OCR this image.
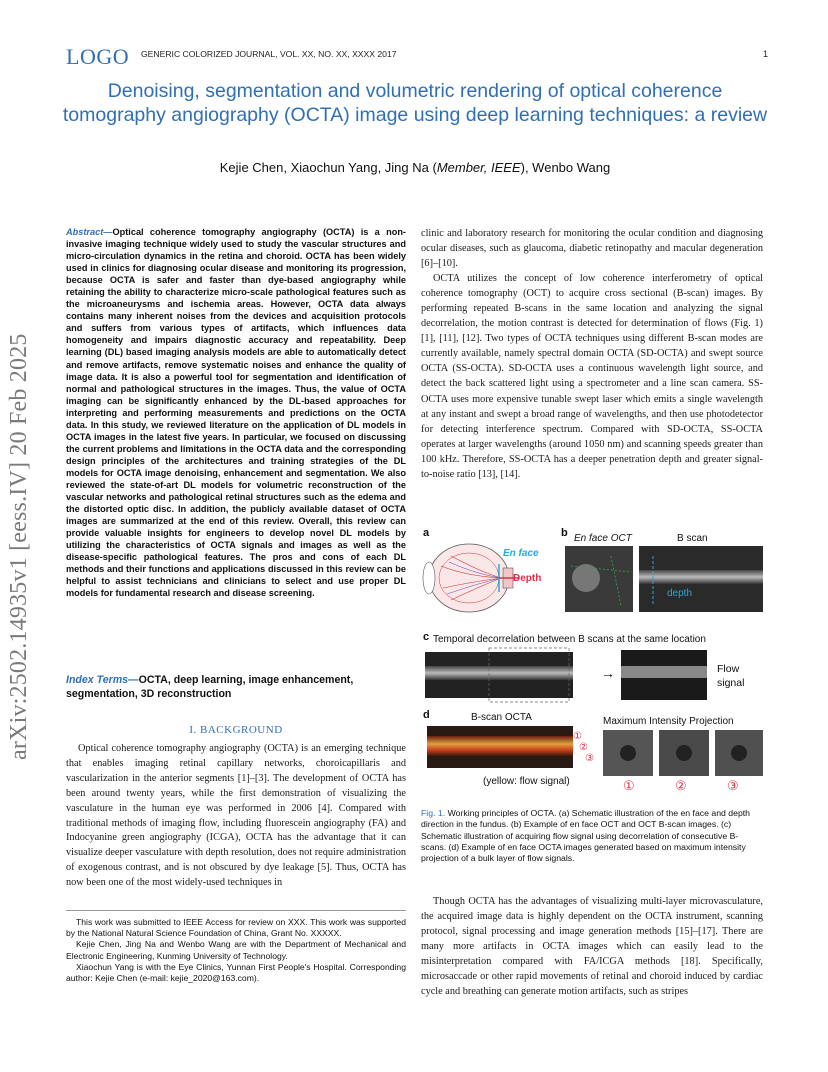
LOGO GENERIC COLORIZED JOURNAL, VOL. XX, NO. XX, XXXX 2017	1
Denoising, segmentation and volumetric rendering of optical coherence tomography angiography (OCTA) image using deep learning techniques: a review
Kejie Chen, Xiaochun Yang, Jing Na (Member, IEEE), Wenbo Wang
arXiv:2502.14935v1 [eess.IV] 20 Feb 2025
Abstract—Optical coherence tomography angiography (OCTA) is a non-invasive imaging technique widely used to study the vascular structures and micro-circulation dynamics in the retina and choroid. OCTA has been widely used in clinics for diagnosing ocular disease and monitoring its progression, because OCTA is safer and faster than dye-based angiography while retaining the ability to characterize micro-scale pathological features such as the microaneurysms and ischemia areas. However, OCTA data always contains many inherent noises from the devices and acquisition protocols and suffers from various types of artifacts, which influences data homogeneity and impairs diagnostic accuracy and repeatability. Deep learning (DL) based imaging analysis models are able to automatically detect and remove artifacts, remove systematic noises and enhance the quality of image data. It is also a powerful tool for segmentation and identification of normal and pathological structures in the images. Thus, the value of OCTA imaging can be significantly enhanced by the DL-based approaches for interpreting and performing measurements and predictions on the OCTA data. In this study, we reviewed literature on the application of DL models in OCTA images in the latest five years. In particular, we focused on discussing the current problems and limitations in the OCTA data and the corresponding design principles of the architectures and training strategies of the DL models for OCTA image denoising, enhancement and segmentation. We also reviewed the state-of-art DL models for volumetric reconstruction of the vascular networks and pathological retinal structures such as the edema and the distorted optic disc. In addition, the publicly available dataset of OCTA images are summarized at the end of this review. Overall, this review can provide valuable insights for engineers to develop novel DL models by utilizing the characteristics of OCTA signals and images as well as the disease-specific pathological features. The pros and cons of each DL methods and their functions and applications discussed in this review can be helpful to assist technicians and clinicians to select and use proper DL models for fundamental research and disease screening.
Index Terms—OCTA, deep learning, image enhancement, segmentation, 3D reconstruction
I. BACKGROUND
Optical coherence tomography angiography (OCTA) is an emerging technique that enables imaging retinal capillary networks, choroicapillaris and vascularization in the anterior segments [1]–[3]. The development of OCTA has been around twenty years, while the first demonstration of visualizing the vasculature in the human eye was performed in 2006 [4]. Compared with traditional methods of imaging flow, including fluorescein angiography (FA) and Indocyanine green angiography (ICGA), OCTA has the advantage that it can visualize deeper vasculature with depth resolution, does not require administration of exogenous contrast, and is not obscured by dye leakage [5]. Thus, OCTA has now been one of the most widely-used techniques in

This work was submitted to IEEE Access for review on XXX. This work was supported by the National Natural Science Foundation of China, Grant No. XXXXX.

Kejie Chen, Jing Na and Wenbo Wang are with the Department of Mechanical and Electronic Engineering, Kunming University of Technology.

Xiaochun Yang is with the Eye Clinics, Yunnan First People's Hospital. Corresponding author: Kejie Chen (e-mail: kejie_2020@163.com).

clinic and laboratory research for monitoring the ocular condition and diagnosing ocular diseases, such as glaucoma, diabetic retinopathy and macular degeneration [6]–[10].

OCTA utilizes the concept of low coherence interferometry of optical coherence tomography (OCT) to acquire cross sectional (B-scan) images. By performing repeated B-scans in the same location and analyzing the signal decorrelation, the motion contrast is detected for determination of flows (Fig. 1) [1], [11], [12]. Two types of OCTA techniques using different B-scan modes are currently available, namely spectral domain OCTA (SD-OCTA) and swept source OCTA (SS-OCTA). SD-OCTA uses a continuous wavelength light source, and detect the back scattered light using a spectrometer and a line scan camera. SS-OCTA uses more expensive tunable swept laser which emits a single wavelength at any instant and swept a broad range of wavelengths, and then use photodetector for detecting interference spectrum. Compared with SD-OCTA, SS-OCTA operates at larger wavelengths (around 1050 nm) and scanning speeds greater than 100 kHz. Therefore, SS-OCTA has a deeper penetration depth and greater signal-to-noise ratio [13], [14].

a
En face
Depth
b En face OCT	B scan
depth
c Temporal decorrelation between B scans at the same location
→	Flow
signal
d	B-scan OCTA	Maximum Intensity Projection
①
②
③
(yellow: flow signal)	①	②	③
Fig. 1. Working principles of OCTA. (a) Schematic illustration of the en face and depth direction in the fundus. (b) Example of en face OCT and OCT B-scan images. (c) Schematic illustration of acquiring flow signal using decorrelation of consecutive B-scans. (d) Example of en face OCTA images generated based on maximum intensity projection of a bulk layer of flow signals.
Though OCTA has the advantages of visualizing multi-layer microvasculature, the acquired image data is highly dependent on the OCTA instrument, scanning protocol, signal processing and image generation methods [15]–[17]. There are many more artifacts in OCTA images which can easily lead to the misinterpretation compared with FA/ICGA methods [18]. Specifically, microsaccade or other rapid movements of retinal and choroid induced by cardiac cycle and breathing can generate motion artifacts, such as stripes
